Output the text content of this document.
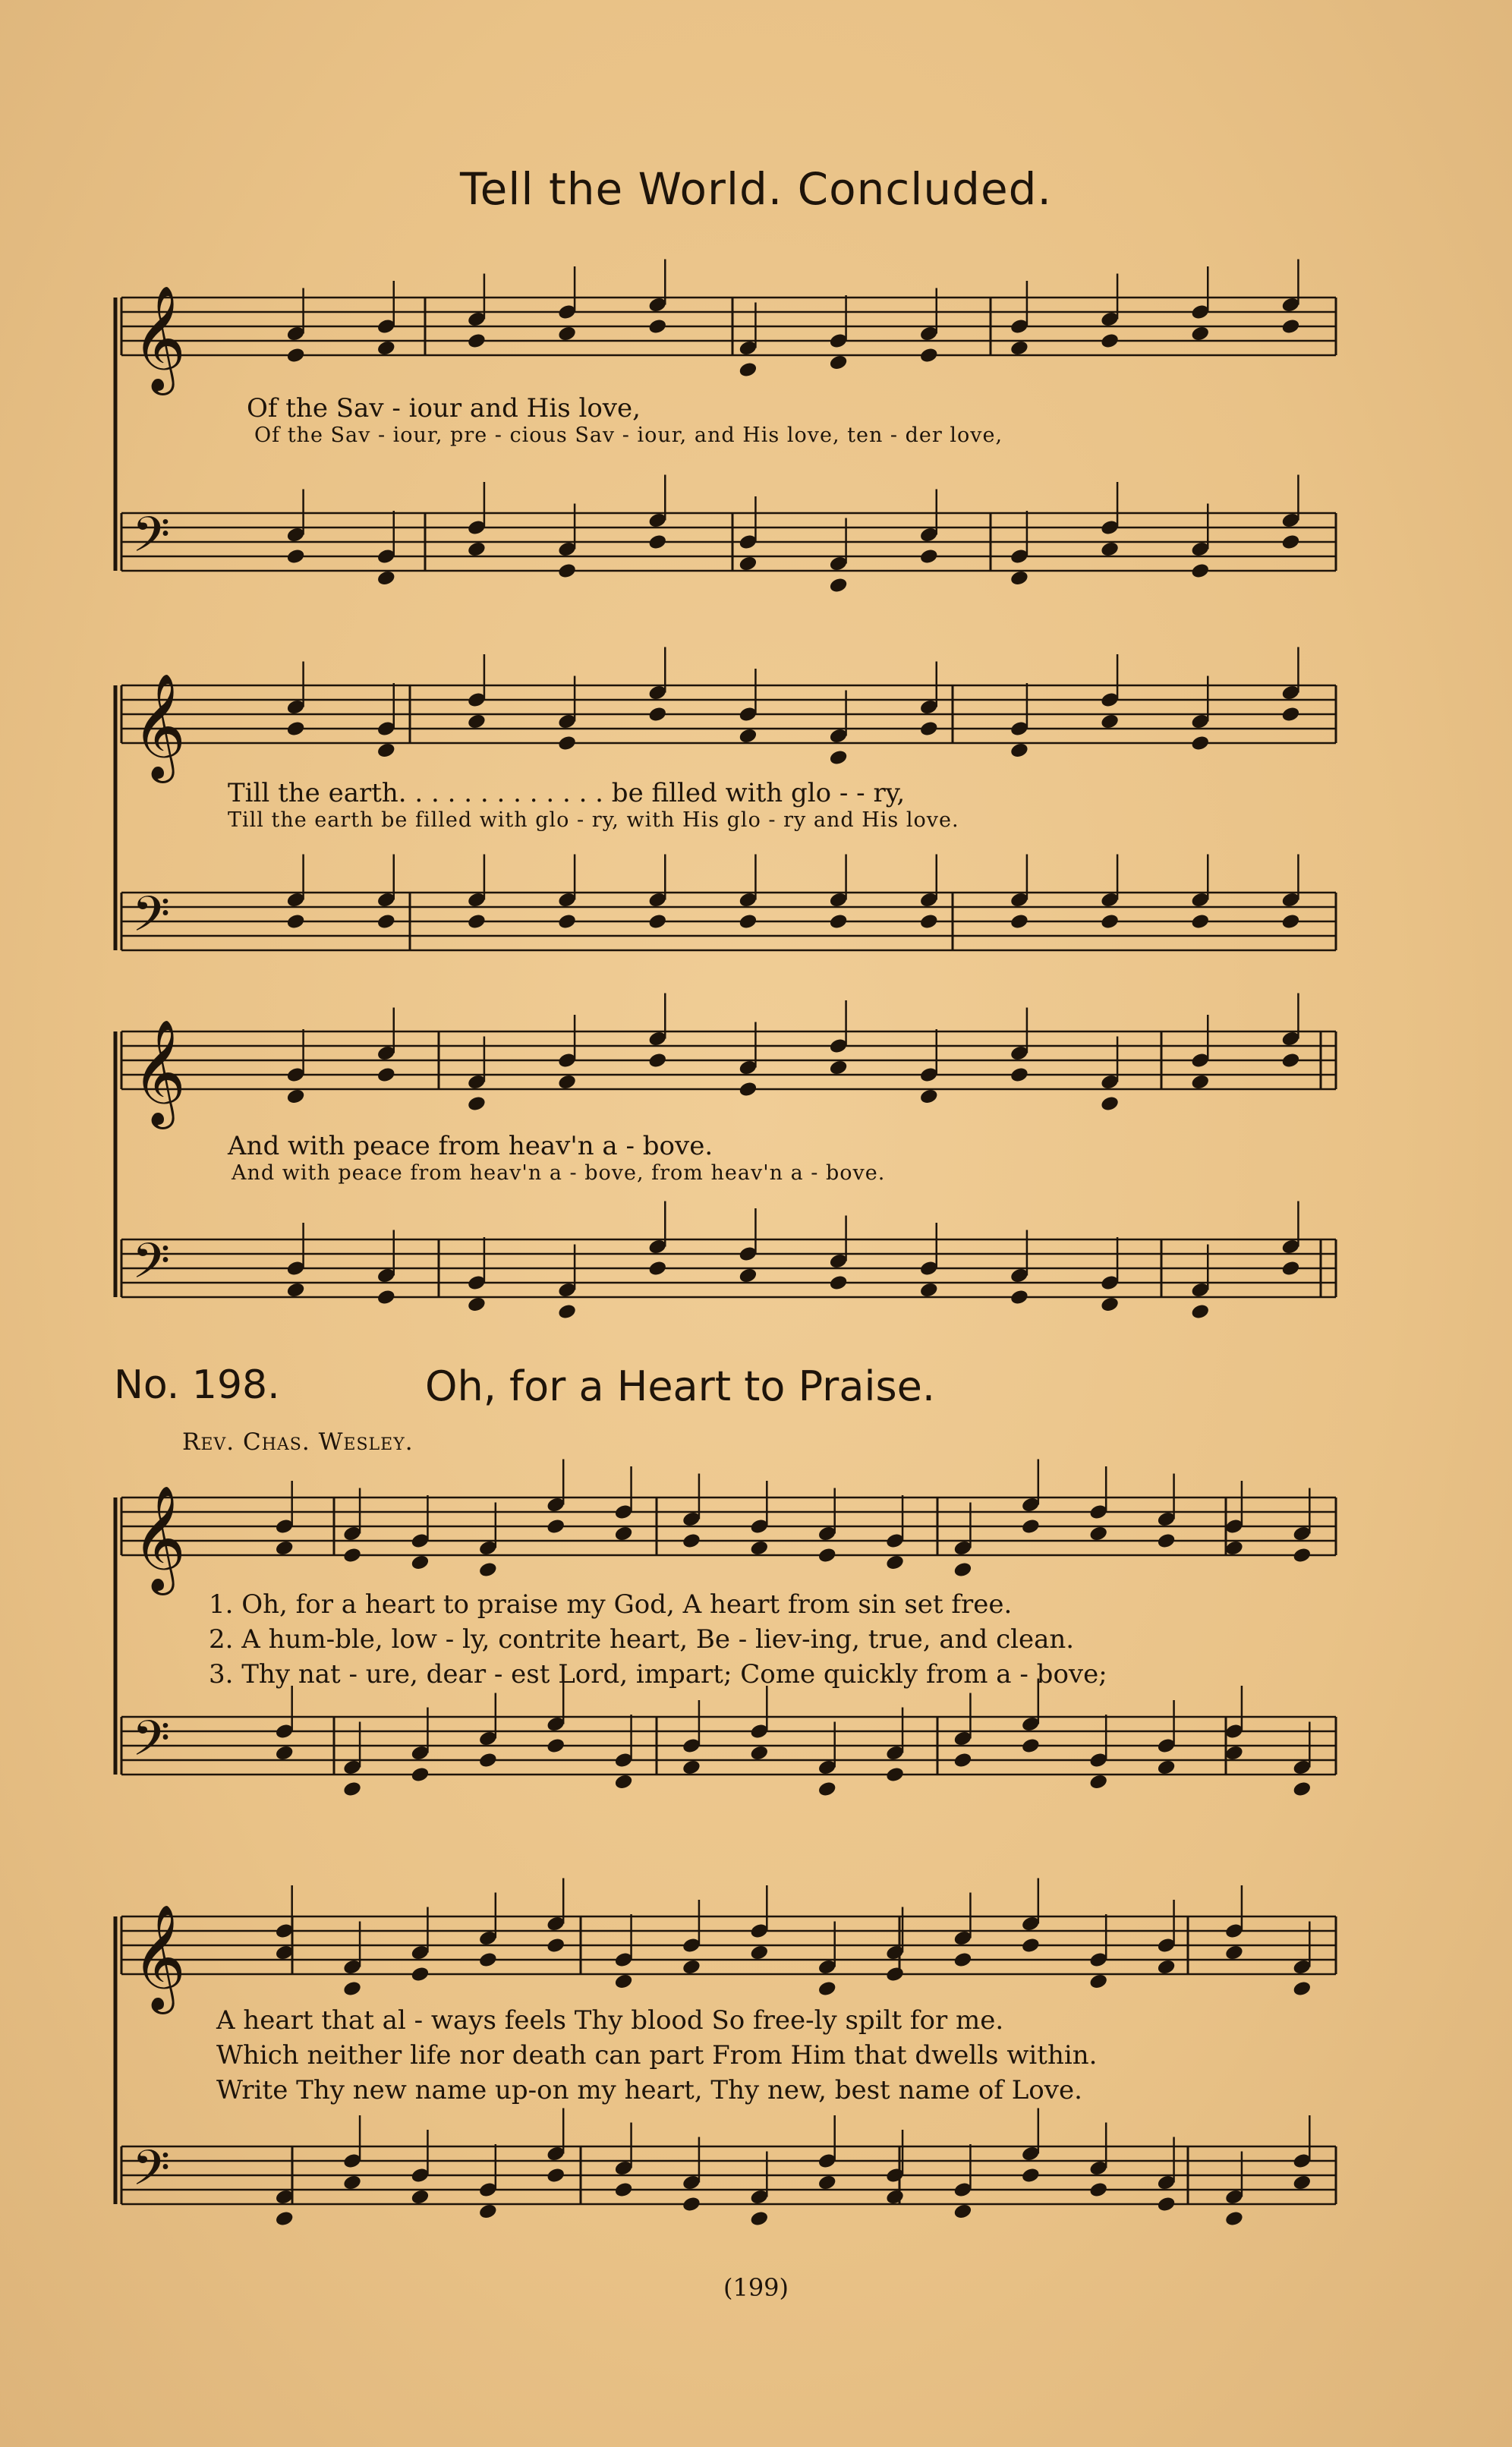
𝄞
𝄢
𝄞
𝄢
𝄞
𝄢
𝄞
𝄢
𝄞
𝄢
Tell the World. Concluded.
Of the Sav - iour and His love,
Of the Sav - iour, pre - cious Sav - iour, and His love, ten - der love,
Till the earth. . . . . . . . . . . . . be filled with glo - - ry,
Till the earth be filled with glo - ry, with His glo - ry and His love.
And with peace from heav'n a - bove.
And with peace from heav'n a - bove, from heav'n a - bove.
No. 198.	Oh, for a Heart to Praise.
Rev. Chas. Wesley.
1. Oh, for a heart to praise my God, A heart from sin set free.
2. A hum-ble, low - ly, contrite heart, Be - liev-ing, true, and clean.
3. Thy nat - ure, dear - est Lord, impart; Come quickly from a - bove;
A heart that al - ways feels Thy blood So free-ly spilt for me.
Which neither life nor death can part From Him that dwells within.
Write Thy new name up-on my heart, Thy new, best name of Love.
(199)
